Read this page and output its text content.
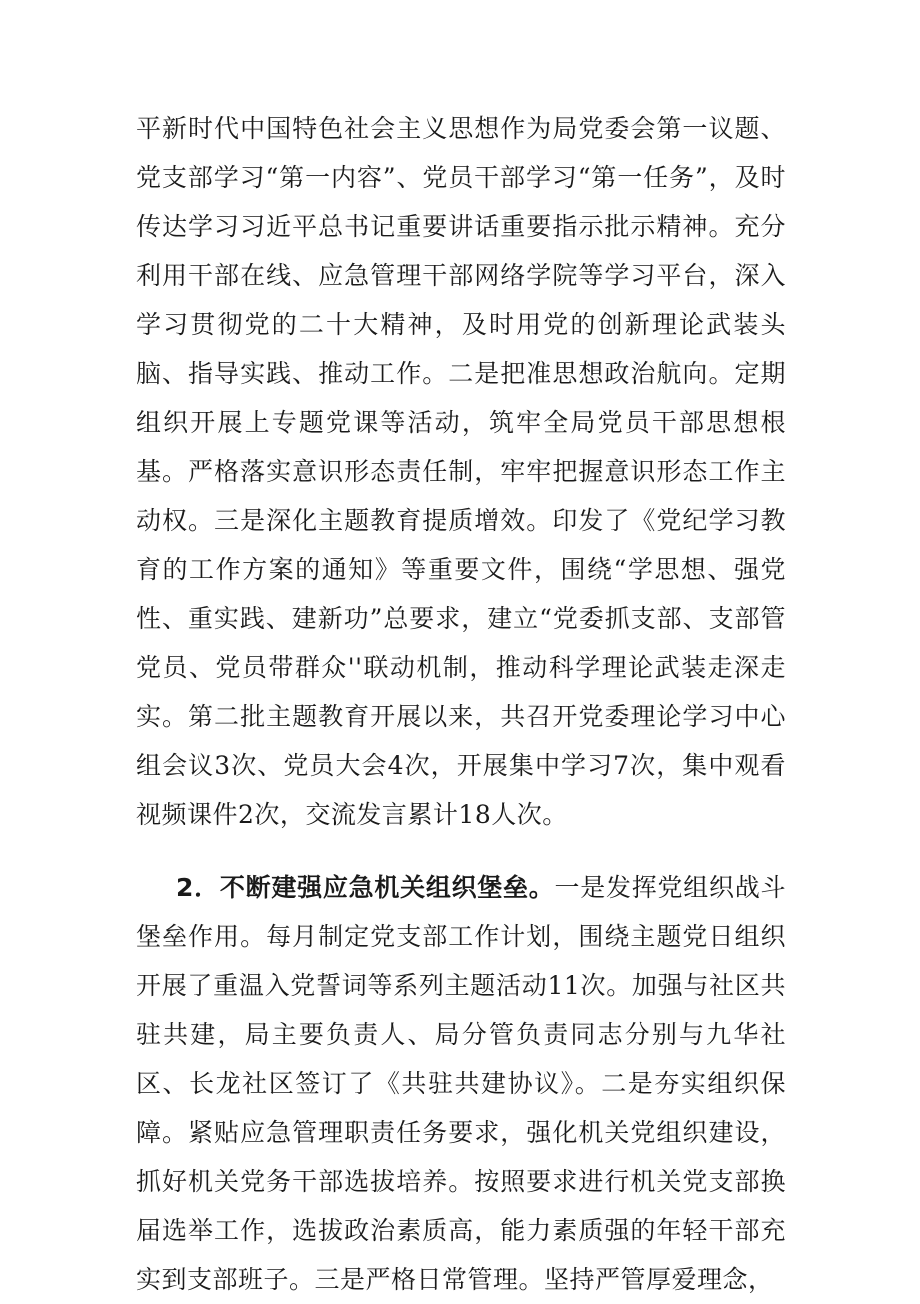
平新时代中国特色社会主义思想作为局党委会第一议题、党支部学习“第一内容”、党员干部学习“第一任务”，及时传达学习习近平总书记重要讲话重要指示批示精神。充分利用干部在线、应急管理干部网络学院等学习平台，深入学习贯彻党的二十大精神，及时用党的创新理论武装头脑、指导实践、推动工作。二是把准思想政治航向。定期组织开展上专题党课等活动，筑牢全局党员干部思想根基。严格落实意识形态责任制，牢牢把握意识形态工作主动权。三是深化主题教育提质增效。印发了《党纪学习教育的工作方案的通知》等重要文件，围绕“学思想、强党性、重实践、建新功”总要求，建立“党委抓支部、支部管党员、党员带群众''联动机制，推动科学理论武装走深走实。第二批主题教育开展以来，共召开党委理论学习中心组会议3次、党员大会4次，开展集中学习7次，集中观看视频课件2次，交流发言累计18人次。

2．不断建强应急机关组织堡垒。一是发挥党组织战斗堡垒作用。每月制定党支部工作计划，围绕主题党日组织开展了重温入党誓词等系列主题活动11次。加强与社区共驻共建，局主要负责人、局分管负责同志分别与九华社区、长龙社区签订了《共驻共建协议》。二是夯实组织保障。紧贴应急管理职责任务要求，强化机关党组织建设，抓好机关党务干部选拔培养。按照要求进行机关党支部换届选举工作，选拔政治素质高，能力素质强的年轻干部充实到支部班子。三是严格日常管理。坚持严管厚爱理念，
